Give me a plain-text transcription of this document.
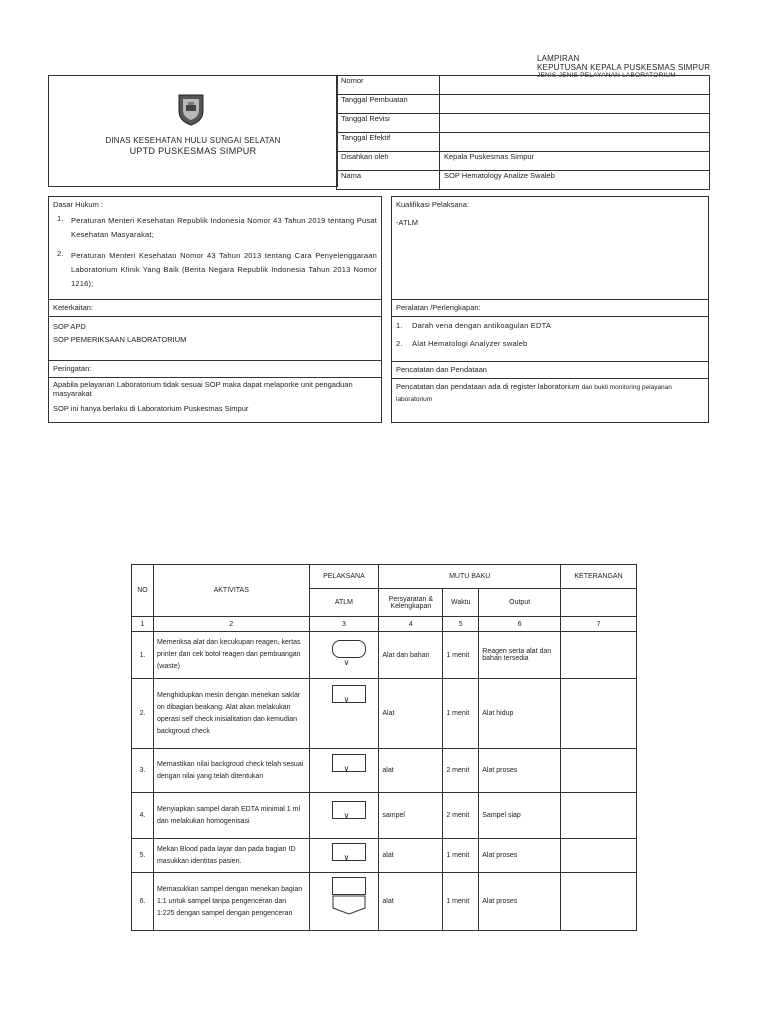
LAMPIRAN
KEPUTUSAN KEPALA PUSKESMAS SIMPUR
JENIS-JENIS PELAYANAN LABORATORIUM
DINAS KESEHATAN HULU SUNGAI SELATAN
UPTD PUSKESMAS SIMPUR
Nomor	
Tanggal Pembuatan	
Tanggal Revisi	
Tanggal Efektif	
Disahkan oleh	Kepala Puskesmas Simpur
Nama	SOP Hematology Analize Swaleb
Dasar Hukum :
1. Peraturan Menteri Kesehatan Republik Indonesia Nomor 43 Tahun 2019 tentang Pusat Kesehatan Masyarakat;
2. Peraturan Menteri Kesehatan Nomor 43 Tahun 2013 tentang Cara Penyelenggaraan Laboratorium Klinik Yang Baik (Berita Negara Republik Indonesia Tahun 2013 Nomor 1216);
Keterkaitan:
SOP APD
SOP PEMERIKSAAN LABORATORIUM
Peringatan:
Apabila pelayanan Laboratorium tidak sesuai SOP maka dapat melaporke unit pengaduan masyarakat
SOP ini hanya berlaku di Laboratorium Puskesmas Simpur
Kualifikasi Pelaksana:
-ATLM
Peralatan /Perlengkapan:
1. Darah vena dengan antikoagulan EDTA
2. Alat Hematologi Analyzer swaleb
Pencatatan dan Pendataan
Pencatatan dan pendataan ada di register laboratorium dan bukti monitoring pelayanan laboratorium
NO	AKTIVITAS	PELAKSANA	MUTU BAKU			KETERANGAN
		ATLM	Persyaratan & Kelengkapan	Waktu	Output	
1	2	3	4	5	6	7
1.	Memeriksa alat dan kecukupan reagen, kertas printer dan cek botol reagen dan pembuangan (waste)	∨	Alat dan bahan	1 menit	Reagen serta alat dan bahan tersedia	
2.	Menghidupkan mesin dengan menekan saklar on dibagian beakang. Alat akan melakukan operasi self check inisialitation dan kemudian backgroud check	∨	Alat	1 menit	Alat hidup	
3.	Memastikan nilai backgroud check telah sesuai dengan nilai yang telah ditentukan	∨	alat	2 menit	Alat proses	
4.	Menyiapkan sampel darah EDTA minimal 1 ml dan melakukan homogenisasi	∨	sampel	2 menit	Sampel siap	
5.	Mekan Blood pada layar dan pada bagian ID masukkan identitas pasien.	∨	alat	1 menit	Alat proses	
6.	Memasukkan sampel dengan menekan bagian 1:1 untuk sampel tanpa pengenceran dan 1:225 dengan sampel dengan pengenceran		alat	1 menit	Alat proses	
